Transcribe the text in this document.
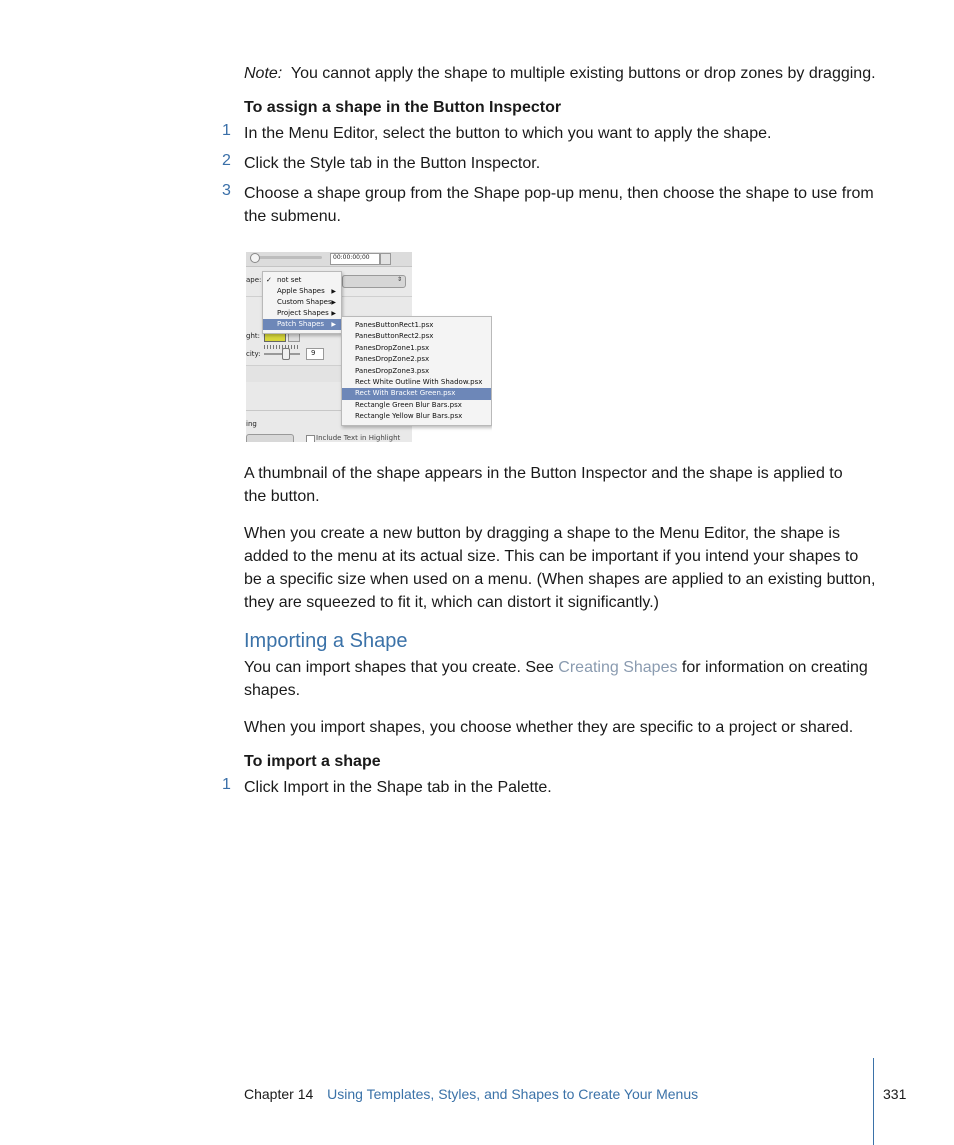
Note: You cannot apply the shape to multiple existing buttons or drop zones by dragging.
To assign a shape in the Button Inspector
1 In the Menu Editor, select the button to which you want to apply the shape.
2 Click the Style tab in the Button Inspector.
3 Choose a shape group from the Shape pop-up menu, then choose the shape to use from
the submenu.
00:00:00;00
ape:	⇕
ght:
city:	9
ing
Include Text in Highlight
✓ not set
Apple Shapes ▶
Custom Shapes ▶
Project Shapes ▶
Patch Shapes ▶	PanesButtonRect1.psx
PanesButtonRect2.psx
PanesDropZone1.psx
PanesDropZone2.psx
PanesDropZone3.psx
Rect White Outline With Shadow.psx
Rect With Bracket Green.psx
Rectangle Green Blur Bars.psx
Rectangle Yellow Blur Bars.psx
A thumbnail of the shape appears in the Button Inspector and the shape is applied to
the button.
When you create a new button by dragging a shape to the Menu Editor, the shape is
added to the menu at its actual size. This can be important if you intend your shapes to
be a specific size when used on a menu. (When shapes are applied to an existing button,
they are squeezed to fit it, which can distort it significantly.)
Importing a Shape
You can import shapes that you create. See Creating Shapes for information on creating
shapes.
When you import shapes, you choose whether they are specific to a project or shared.
To import a shape
1 Click Import in the Shape tab in the Palette.
Chapter 14 Using Templates, Styles, and Shapes to Create Your Menus	331
